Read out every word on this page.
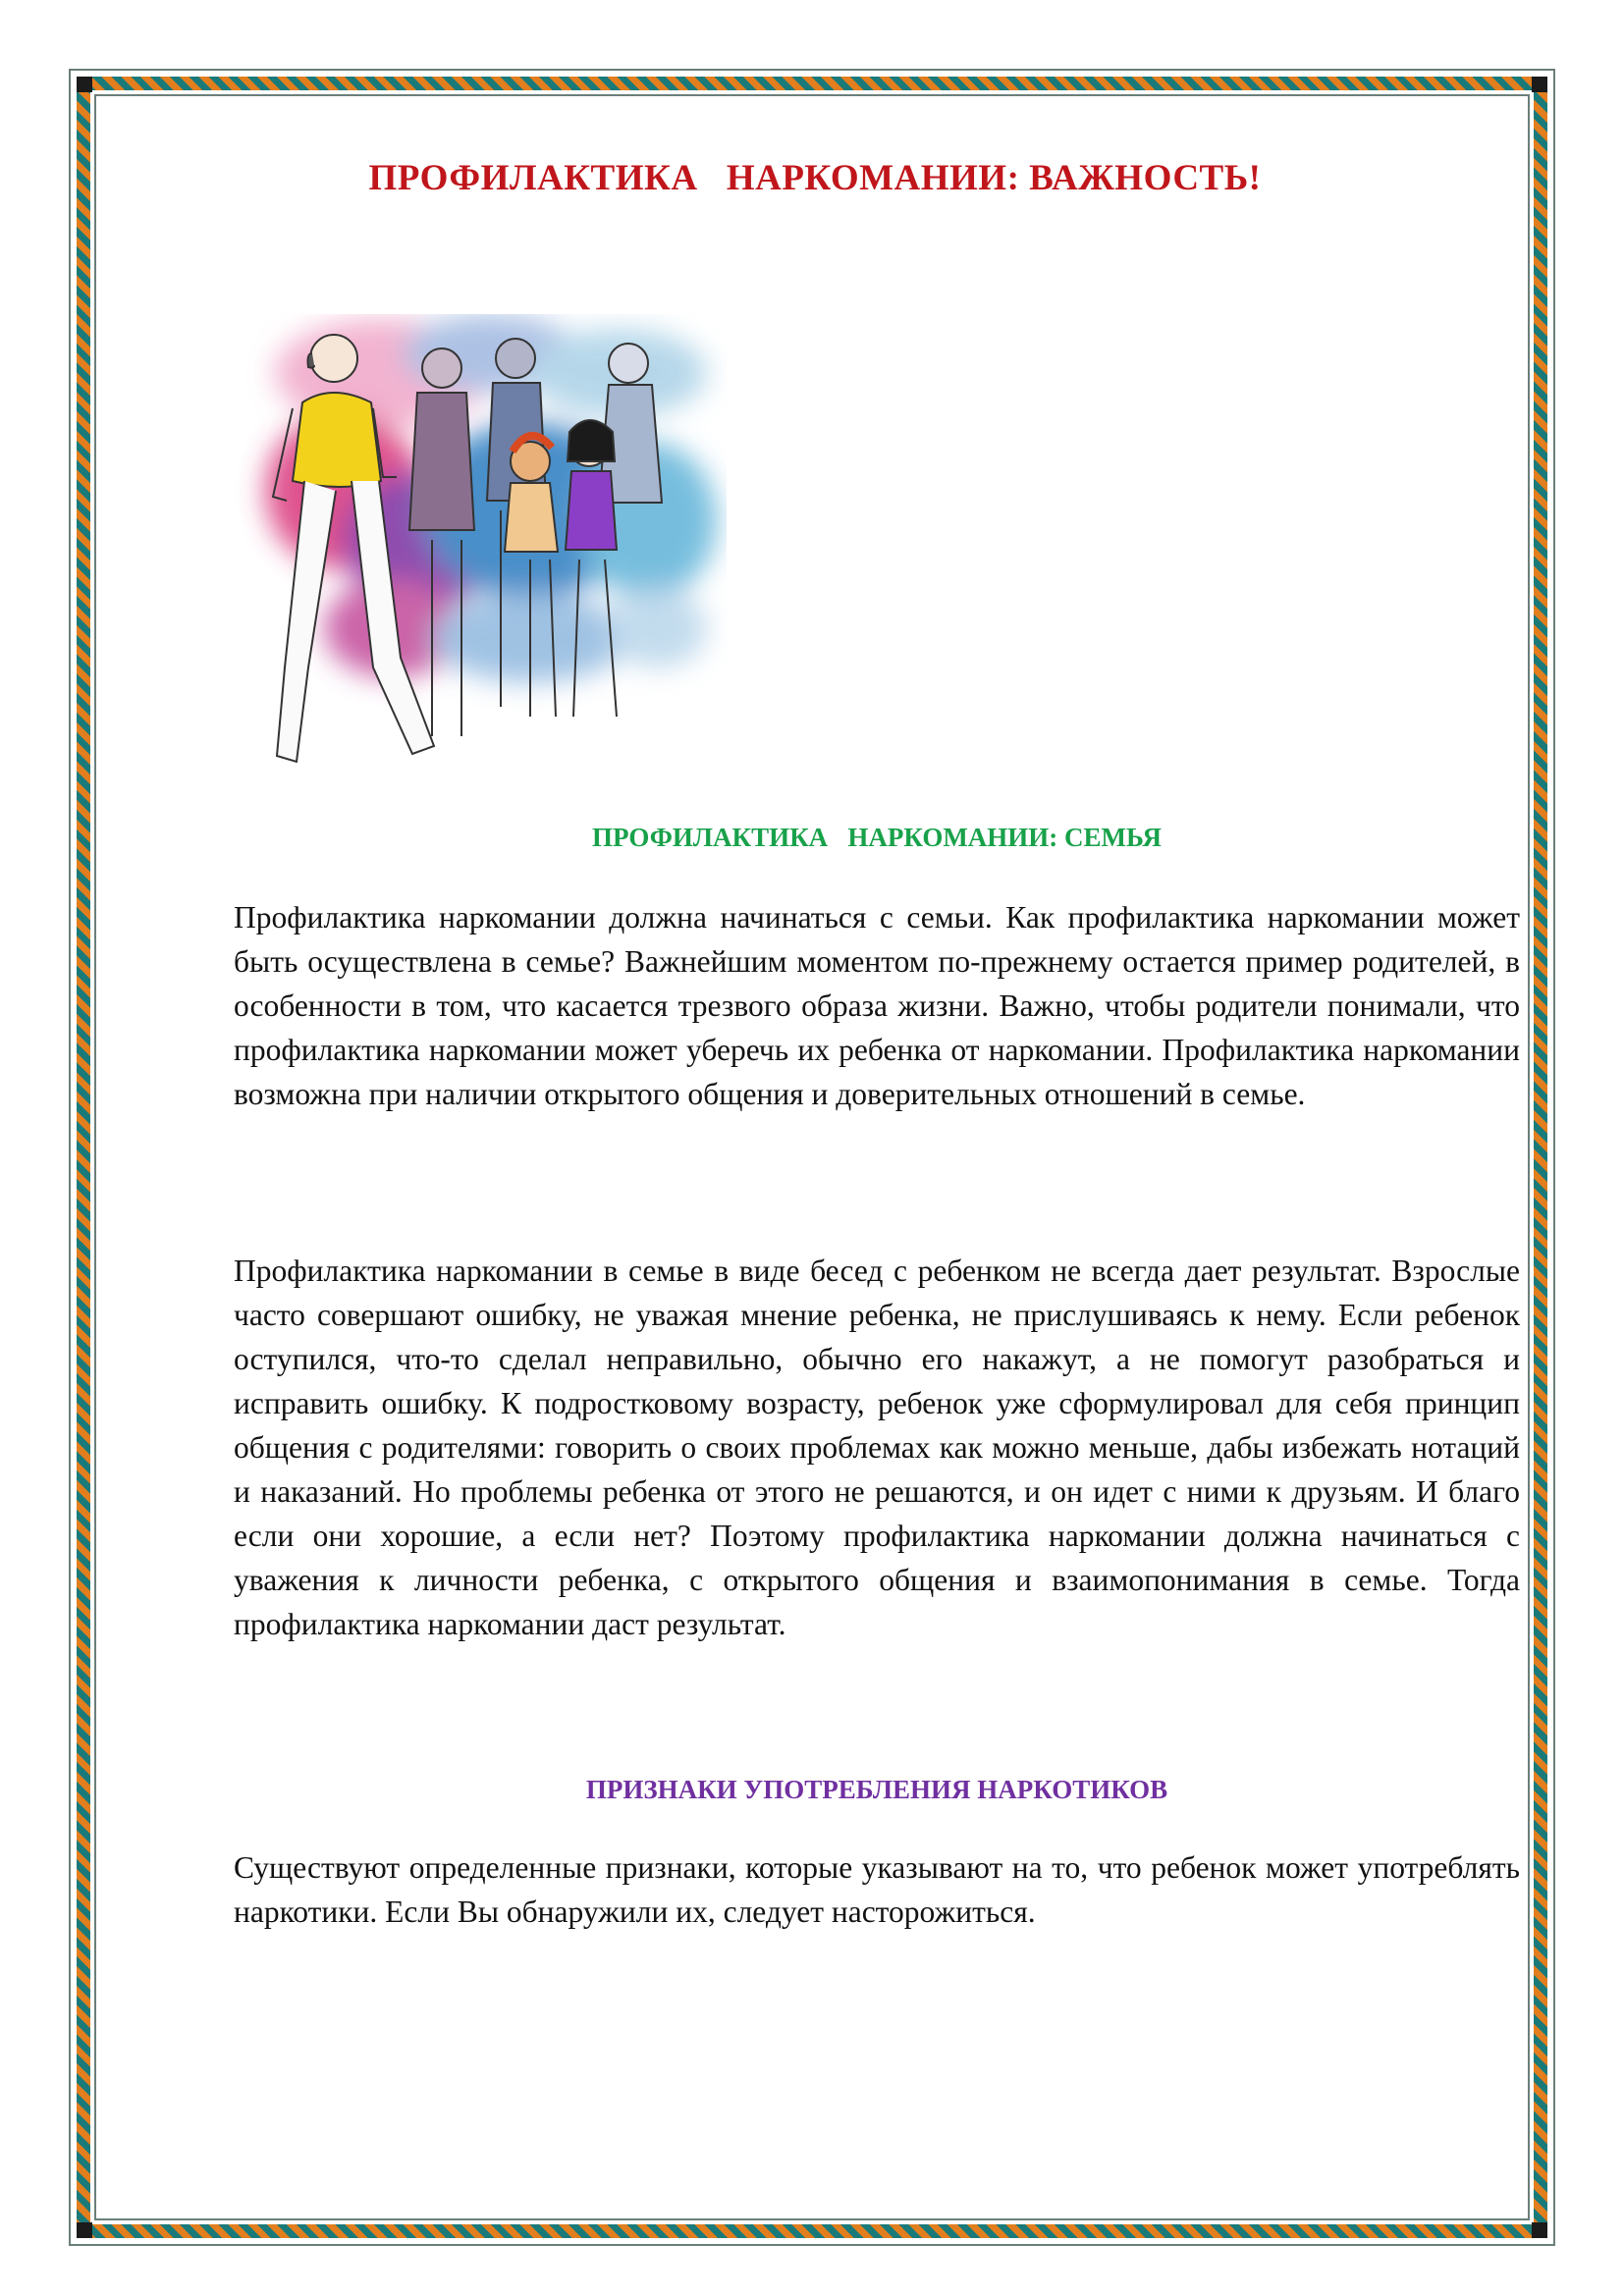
ПРОФИЛАКТИКА   НАРКОМАНИИ: ВАЖНОСТЬ!
ПРОФИЛАКТИКА   НАРКОМАНИИ: СЕМЬЯ

Профилактика наркомании должна начинаться с семьи. Как профилактика наркомании может быть осуществлена в семье? Важнейшим моментом по-прежнему остается пример родителей, в особенности в том, что касается трезвого образа жизни. Важно, чтобы родители понимали, что профилактика наркомании может уберечь их ребенка от наркомании. Профилактика наркомании возможна при наличии открытого общения и доверительных отношений в семье.

Профилактика наркомании в семье в виде бесед с ребенком не всегда дает результат. Взрослые часто совершают ошибку, не уважая мнение ребенка, не прислушиваясь к нему. Если ребенок оступился, что-то сделал неправильно, обычно его накажут, а не помогут разобраться и исправить ошибку. К подростковому возрасту, ребенок уже сформулировал для себя принцип общения с родителями: говорить о своих проблемах как можно меньше, дабы избежать нотаций и наказаний. Но проблемы ребенка от этого не решаются, и он идет с ними к друзьям. И благо если они хорошие, а если нет? Поэтому профилактика наркомании должна начинаться с уважения к личности ребенка, с открытого общения и взаимопонимания в семье. Тогда профилактика наркомании даст результат.

ПРИЗНАКИ УПОТРЕБЛЕНИЯ НАРКОТИКОВ

Существуют определенные признаки, которые указывают на то, что ребенок может употреблять наркотики. Если Вы обнаружили их, следует насторожиться.
